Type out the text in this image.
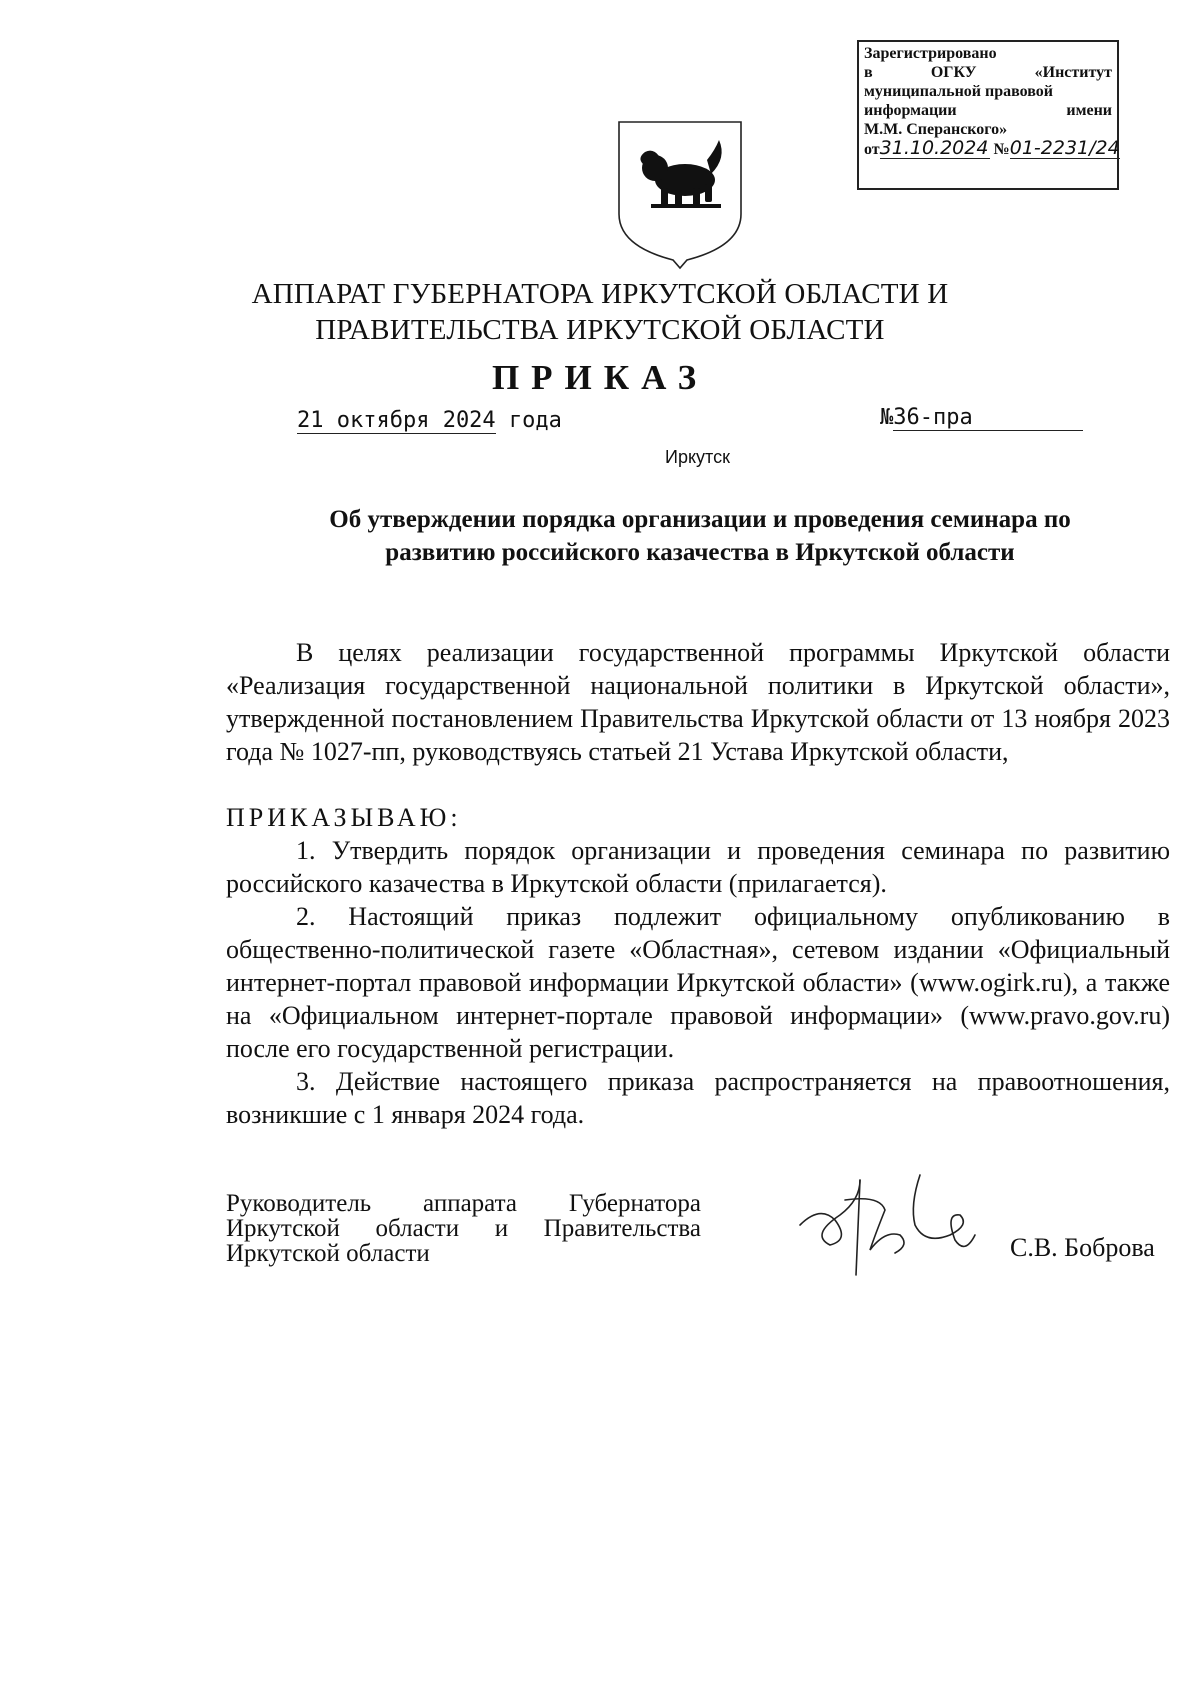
Зарегистрировано
в	ОГКУ	«Институт
муниципальной правовой
информации	имени
М.М. Сперанского»
от31.10.2024 №01-2231/24
АППАРАТ ГУБЕРНАТОРА ИРКУТСКОЙ ОБЛАСТИ И
ПРАВИТЕЛЬСТВА ИРКУТСКОЙ ОБЛАСТИ
ПРИКАЗ
21 октября 2024 года	№36-пра
Иркутск
Об утверждении порядка организации и проведения семинара по
развитию российского казачества в Иркутской области
В целях реализации государственной программы Иркутской области «Реализация государственной национальной политики в Иркутской области», утвержденной постановлением Правительства Иркутской области от 13 ноября 2023 года № 1027-пп, руководствуясь статьей 21 Устава Иркутской области,
ПРИКАЗЫВАЮ:

1. Утвердить порядок организации и проведения семинара по развитию российского казачества в Иркутской области (прилагается).

2. Настоящий приказ подлежит официальному опубликованию в общественно-политической газете «Областная», сетевом издании «Официальный интернет-портал правовой информации Иркутской области» (www.ogirk.ru), а также на «Официальном интернет-портале правовой информации» (www.pravo.gov.ru) после его государственной регистрации.

3. Действие настоящего приказа распространяется на правоотношения, возникшие с 1 января 2024 года.

Руководитель аппарата Губернатора
Иркутской области и Правительства
Иркутской области	С.В. Боброва
